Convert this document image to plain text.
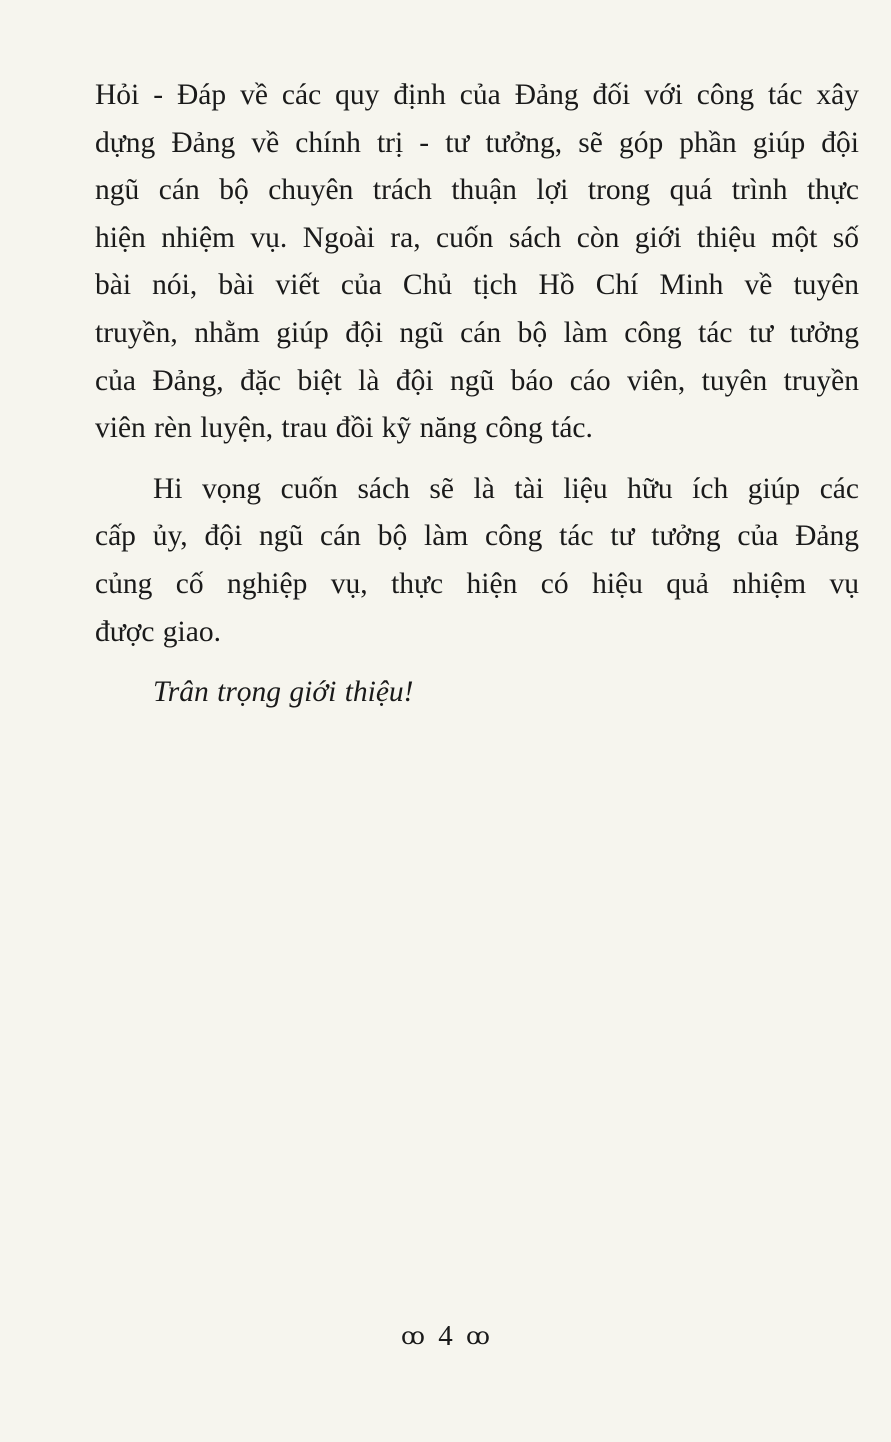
Hỏi - Đáp về các quy định của Đảng đối với công tác xây
dựng Đảng về chính trị - tư tưởng, sẽ góp phần giúp đội
ngũ cán bộ chuyên trách thuận lợi trong quá trình thực
hiện nhiệm vụ. Ngoài ra, cuốn sách còn giới thiệu một số
bài nói, bài viết của Chủ tịch Hồ Chí Minh về tuyên
truyền, nhằm giúp đội ngũ cán bộ làm công tác tư tưởng
của Đảng, đặc biệt là đội ngũ báo cáo viên, tuyên truyền
viên rèn luyện, trau đồi kỹ năng công tác.
Hi vọng cuốn sách sẽ là tài liệu hữu ích giúp các
cấp ủy, đội ngũ cán bộ làm công tác tư tưởng của Đảng
củng cố nghiệp vụ, thực hiện có hiệu quả nhiệm vụ
được giao.
Trân trọng giới thiệu!
ꝏ 4 ꝏ
